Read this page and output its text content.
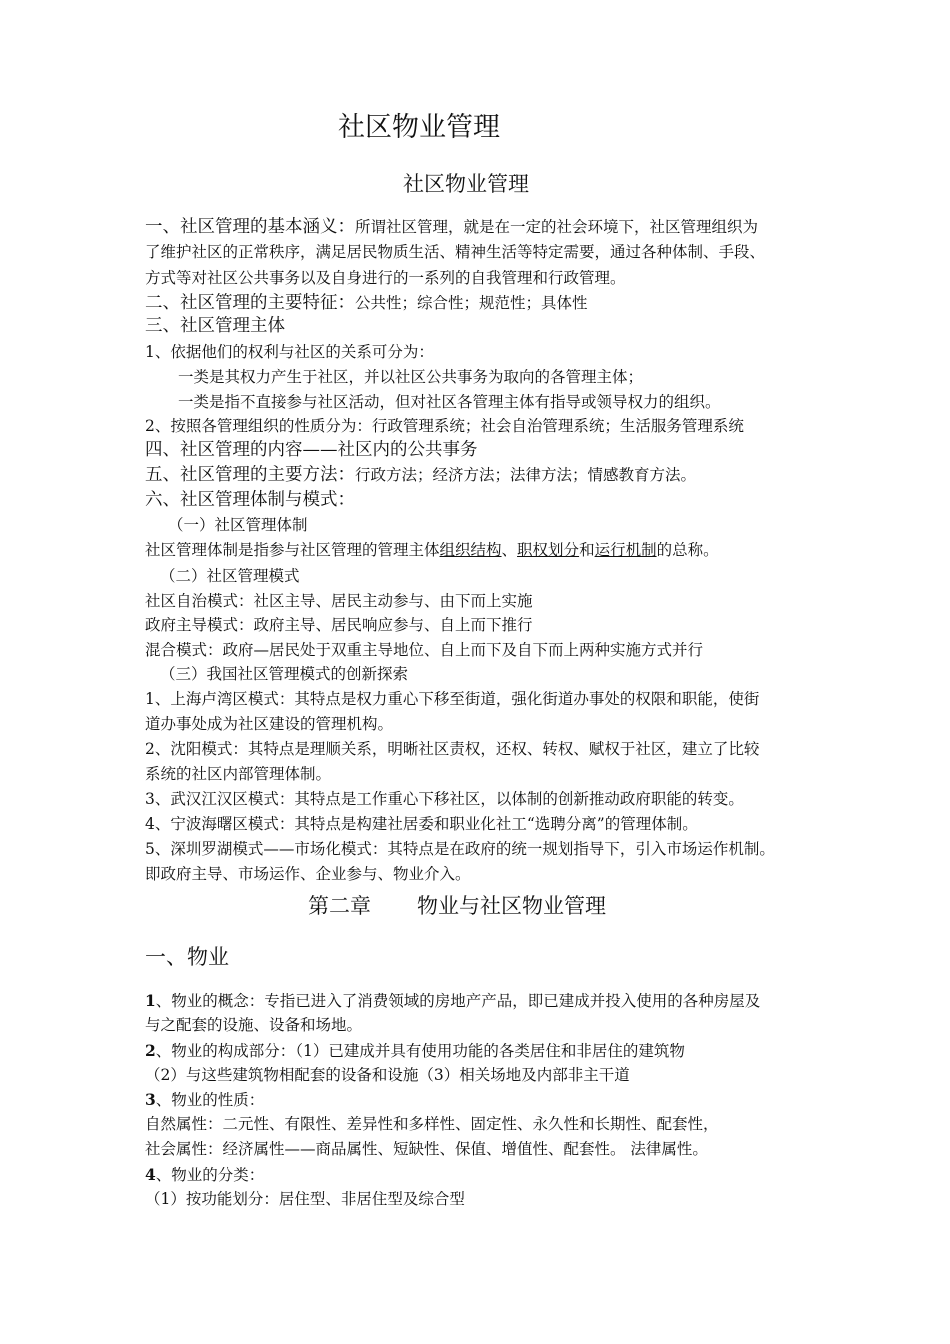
社区物业管理
社区物业管理
一、社区管理的基本涵义：所谓社区管理，就是在一定的社会环境下，社区管理组织为
了维护社区的正常秩序，满足居民物质生活、精神生活等特定需要，通过各种体制、手段、
方式等对社区公共事务以及自身进行的一系列的自我管理和行政管理。
二、社区管理的主要特征：公共性；综合性；规范性；具体性
三、社区管理主体
1、依据他们的权利与社区的关系可分为：
一类是其权力产生于社区，并以社区公共事务为取向的各管理主体；
一类是指不直接参与社区活动，但对社区各管理主体有指导或领导权力的组织。
2、按照各管理组织的性质分为：行政管理系统；社会自治管理系统；生活服务管理系统
四、社区管理的内容——社区内的公共事务
五、社区管理的主要方法：行政方法；经济方法；法律方法；情感教育方法。
六、社区管理体制与模式：
（一）社区管理体制
社区管理体制是指参与社区管理的管理主体组织结构、职权划分和运行机制的总称。
（二）社区管理模式
社区自治模式：社区主导、居民主动参与、由下而上实施
政府主导模式：政府主导、居民响应参与、自上而下推行
混合模式：政府—居民处于双重主导地位、自上而下及自下而上两种实施方式并行
（三）我国社区管理模式的创新探索
1、上海卢湾区模式：其特点是权力重心下移至街道，强化街道办事处的权限和职能，使街
道办事处成为社区建设的管理机构。
2、沈阳模式：其特点是理顺关系，明晰社区责权，还权、转权、赋权于社区，建立了比较
系统的社区内部管理体制。
3、武汉江汉区模式：其特点是工作重心下移社区，以体制的创新推动政府职能的转变。
4、宁波海曙区模式：其特点是构建社居委和职业化社工“选聘分离”的管理体制。
5、深圳罗湖模式——市场化模式：其特点是在政府的统一规划指导下，引入市场运作机制。
即政府主导、市场运作、企业参与、物业介入。
第二章 物业与社区物业管理
一、物业
1、物业的概念：专指已进入了消费领域的房地产产品，即已建成并投入使用的各种房屋及
与之配套的设施、设备和场地。
2、物业的构成部分：（1）已建成并具有使用功能的各类居住和非居住的建筑物
（2）与这些建筑物相配套的设备和设施（3）相关场地及内部非主干道
3、物业的性质：
自然属性：二元性、有限性、差异性和多样性、固定性、永久性和长期性、配套性，
社会属性：经济属性——商品属性、短缺性、保值、增值性、配套性。 法律属性。
4、物业的分类：
（1）按功能划分：居住型、非居住型及综合型
